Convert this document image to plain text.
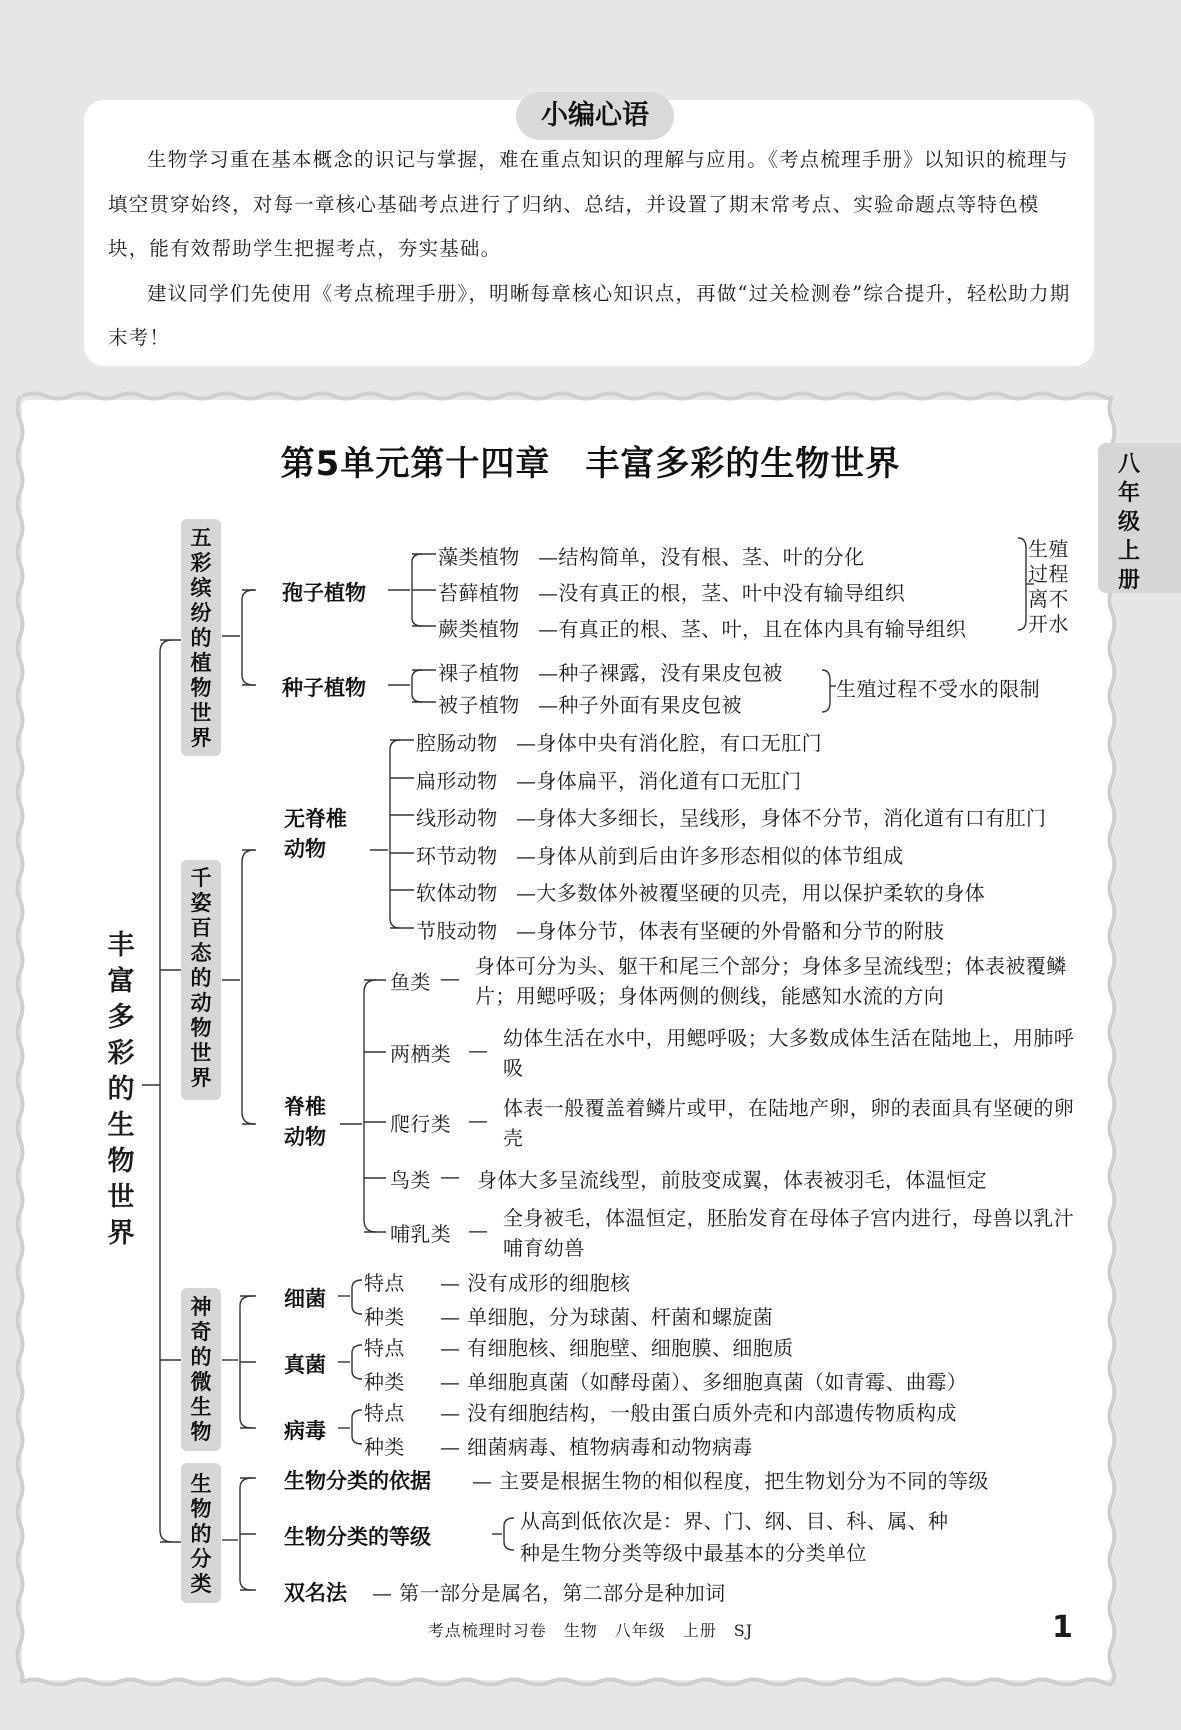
小编心语

生物学习重在基本概念的识记与掌握，难在重点知识的理解与应用。《考点梳理手册》以知识的梳理与填空贯穿始终，对每一章核心基础考点进行了归纳、总结，并设置了期末常考点、实验命题点等特色模块，能有效帮助学生把握考点，夯实基础。

建议同学们先使用《考点梳理手册》，明晰每章核心知识点，再做“过关检测卷”综合提升，轻松助力期末考！

八年级上册
第5单元第十四章　丰富多彩的生物世界
丰富多彩的生物世界
五彩缤纷的植物世界
千姿百态的动物世界
神奇的微生物
生物的分类
孢子植物
藻类植物 —结构简单，没有根、茎、叶的分化
苔藓植物 —没有真正的根，茎、叶中没有输导组织
蕨类植物 —有真正的根、茎、叶，且在体内具有输导组织
生殖过程离不开水
种子植物
裸子植物 —种子裸露，没有果皮包被
被子植物 —种子外面有果皮包被
生殖过程不受水的限制
无脊椎动物
腔肠动物 —身体中央有消化腔，有口无肛门
扁形动物 —身体扁平，消化道有口无肛门
线形动物 —身体大多细长，呈线形，身体不分节，消化道有口有肛门
环节动物 —身体从前到后由许多形态相似的体节组成
软体动物 —大多数体外被覆坚硬的贝壳，用以保护柔软的身体
节肢动物 —身体分节，体表有坚硬的外骨骼和分节的附肢
脊椎动物
鱼类 — 身体可分为头、躯干和尾三个部分；身体多呈流线型；体表被覆鳞片；用鳃呼吸；身体两侧的侧线，能感知水流的方向
两栖类 — 幼体生活在水中，用鳃呼吸；大多数成体生活在陆地上，用肺呼吸
爬行类 — 体表一般覆盖着鳞片或甲，在陆地产卵，卵的表面具有坚硬的卵壳
鸟类 — 身体大多呈流线型，前肢变成翼，体表被羽毛，体温恒定
哺乳类 — 全身被毛，体温恒定，胚胎发育在母体子宫内进行，母兽以乳汁哺育幼兽
细菌
特点 — 没有成形的细胞核
种类 — 单细胞，分为球菌、杆菌和螺旋菌
真菌
特点 — 有细胞核、细胞壁、细胞膜、细胞质
种类 — 单细胞真菌（如酵母菌）、多细胞真菌（如青霉、曲霉）
病毒
特点 — 没有细胞结构，一般由蛋白质外壳和内部遗传物质构成
种类 — 细菌病毒、植物病毒和动物病毒
生物分类的依据 — 主要是根据生物的相似程度，把生物划分为不同的等级
生物分类的等级
从高到低依次是：界、门、纲、目、科、属、种
种是生物分类等级中最基本的分类单位
双名法 — 第一部分是属名，第二部分是种加词
考点梳理时习卷　生物　八年级　上册　SJ	1
